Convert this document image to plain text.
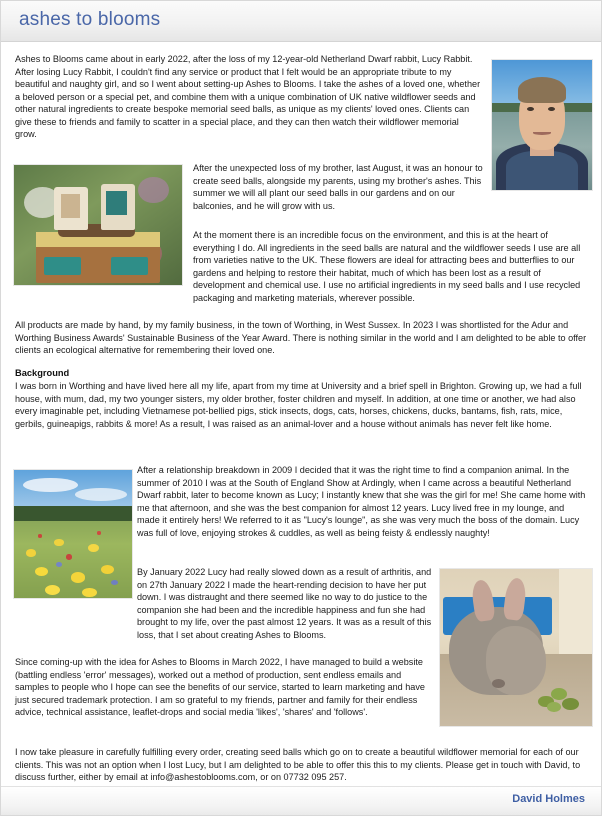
ashes to blooms
Ashes to Blooms came about in early 2022, after the loss of my 12-year-old Netherland Dwarf rabbit, Lucy Rabbit. After losing Lucy Rabbit, I couldn't find any service or product that I felt would be an appropriate tribute to my beautiful and naughty girl, and so I went about setting-up Ashes to Blooms. I take the ashes of a loved one, whether a beloved person or a special pet, and combine them with a unique combination of UK native wildflower seeds and other natural ingredients to create bespoke memorial seed balls, as unique as my clients' loved ones. Clients can give these to friends and family to scatter in a special place, and they can then watch their wildflower memorial grow.
After the unexpected loss of my brother, last August, it was an honour to create seed balls, alongside my parents, using my brother's ashes. This summer we will all plant our seed balls in our gardens and on our balconies, and he will grow with us.
At the moment there is an incredible focus on the environment, and this is at the heart of everything I do. All ingredients in the seed balls are natural and the wildflower seeds I use are all from varieties native to the UK. These flowers are ideal for attracting bees and butterflies to our gardens and helping to restore their habitat, much of which has been lost as a result of development and chemical use. I use no artificial ingredients in my seed balls and I use recycled packaging and marketing materials, wherever possible.
All products are made by hand, by my family business, in the town of Worthing, in West Sussex. In 2023 I was shortlisted for the Adur and Worthing Business Awards' Sustainable Business of the Year Award. There is nothing similar in the world and I am delighted to be able to offer clients an ecological alternative for remembering their loved one.
Background
I was born in Worthing and have lived here all my life, apart from my time at University and a brief spell in Brighton. Growing up, we had a full house, with mum, dad, my two younger sisters, my older brother, foster children and myself. In addition, at one time or another, we had also every imaginable pet, including Vietnamese pot-bellied pigs, stick insects, dogs, cats, horses, chickens, ducks, bantams, fish, rats, mice, gerbils, guineapigs, rabbits & more! As a result, I was raised as an animal-lover and a house without animals has never felt like home.
After a relationship breakdown in 2009 I decided that it was the right time to find a companion animal. In the summer of 2010 I was at the South of England Show at Ardingly, when I came across a beautiful Netherland Dwarf rabbit, later to become known as Lucy; I instantly knew that she was the girl for me! She came home with me that afternoon, and she was the best companion for almost 12 years. Lucy lived free in my lounge, and made it entirely hers! We referred to it as "Lucy's lounge", as she was very much the boss of the domain. Lucy was full of love, enjoying strokes & cuddles, as well as being feisty & endlessly naughty!
By January 2022 Lucy had really slowed down as a result of arthritis, and on 27th January 2022 I made the heart-rending decision to have her put down. I was distraught and there seemed like no way to do justice to the companion she had been and the incredible happiness and fun she had brought to my life, over the past almost 12 years. It was as a result of this loss, that I set about creating Ashes to Blooms.
Since coming-up with the idea for Ashes to Blooms in March 2022, I have managed to build a website (battling endless 'error' messages), worked out a method of production, sent endless emails and samples to people who I hope can see the benefits of our service, started to learn marketing and have just secured trademark protection. I am so grateful to my friends, partner and family for their endless advice, technical assistance, leaflet-drops and social media 'likes', 'shares' and 'follows'.
I now take pleasure in carefully fulfilling every order, creating seed balls which go on to create a beautiful wildflower memorial for each of our clients. This was not an option when I lost Lucy, but I am delighted to be able to offer this this to my clients. Please get in touch with David, to discuss further, either by email at info@ashestoblooms.com, or on 07732 095 257.
David Holmes
